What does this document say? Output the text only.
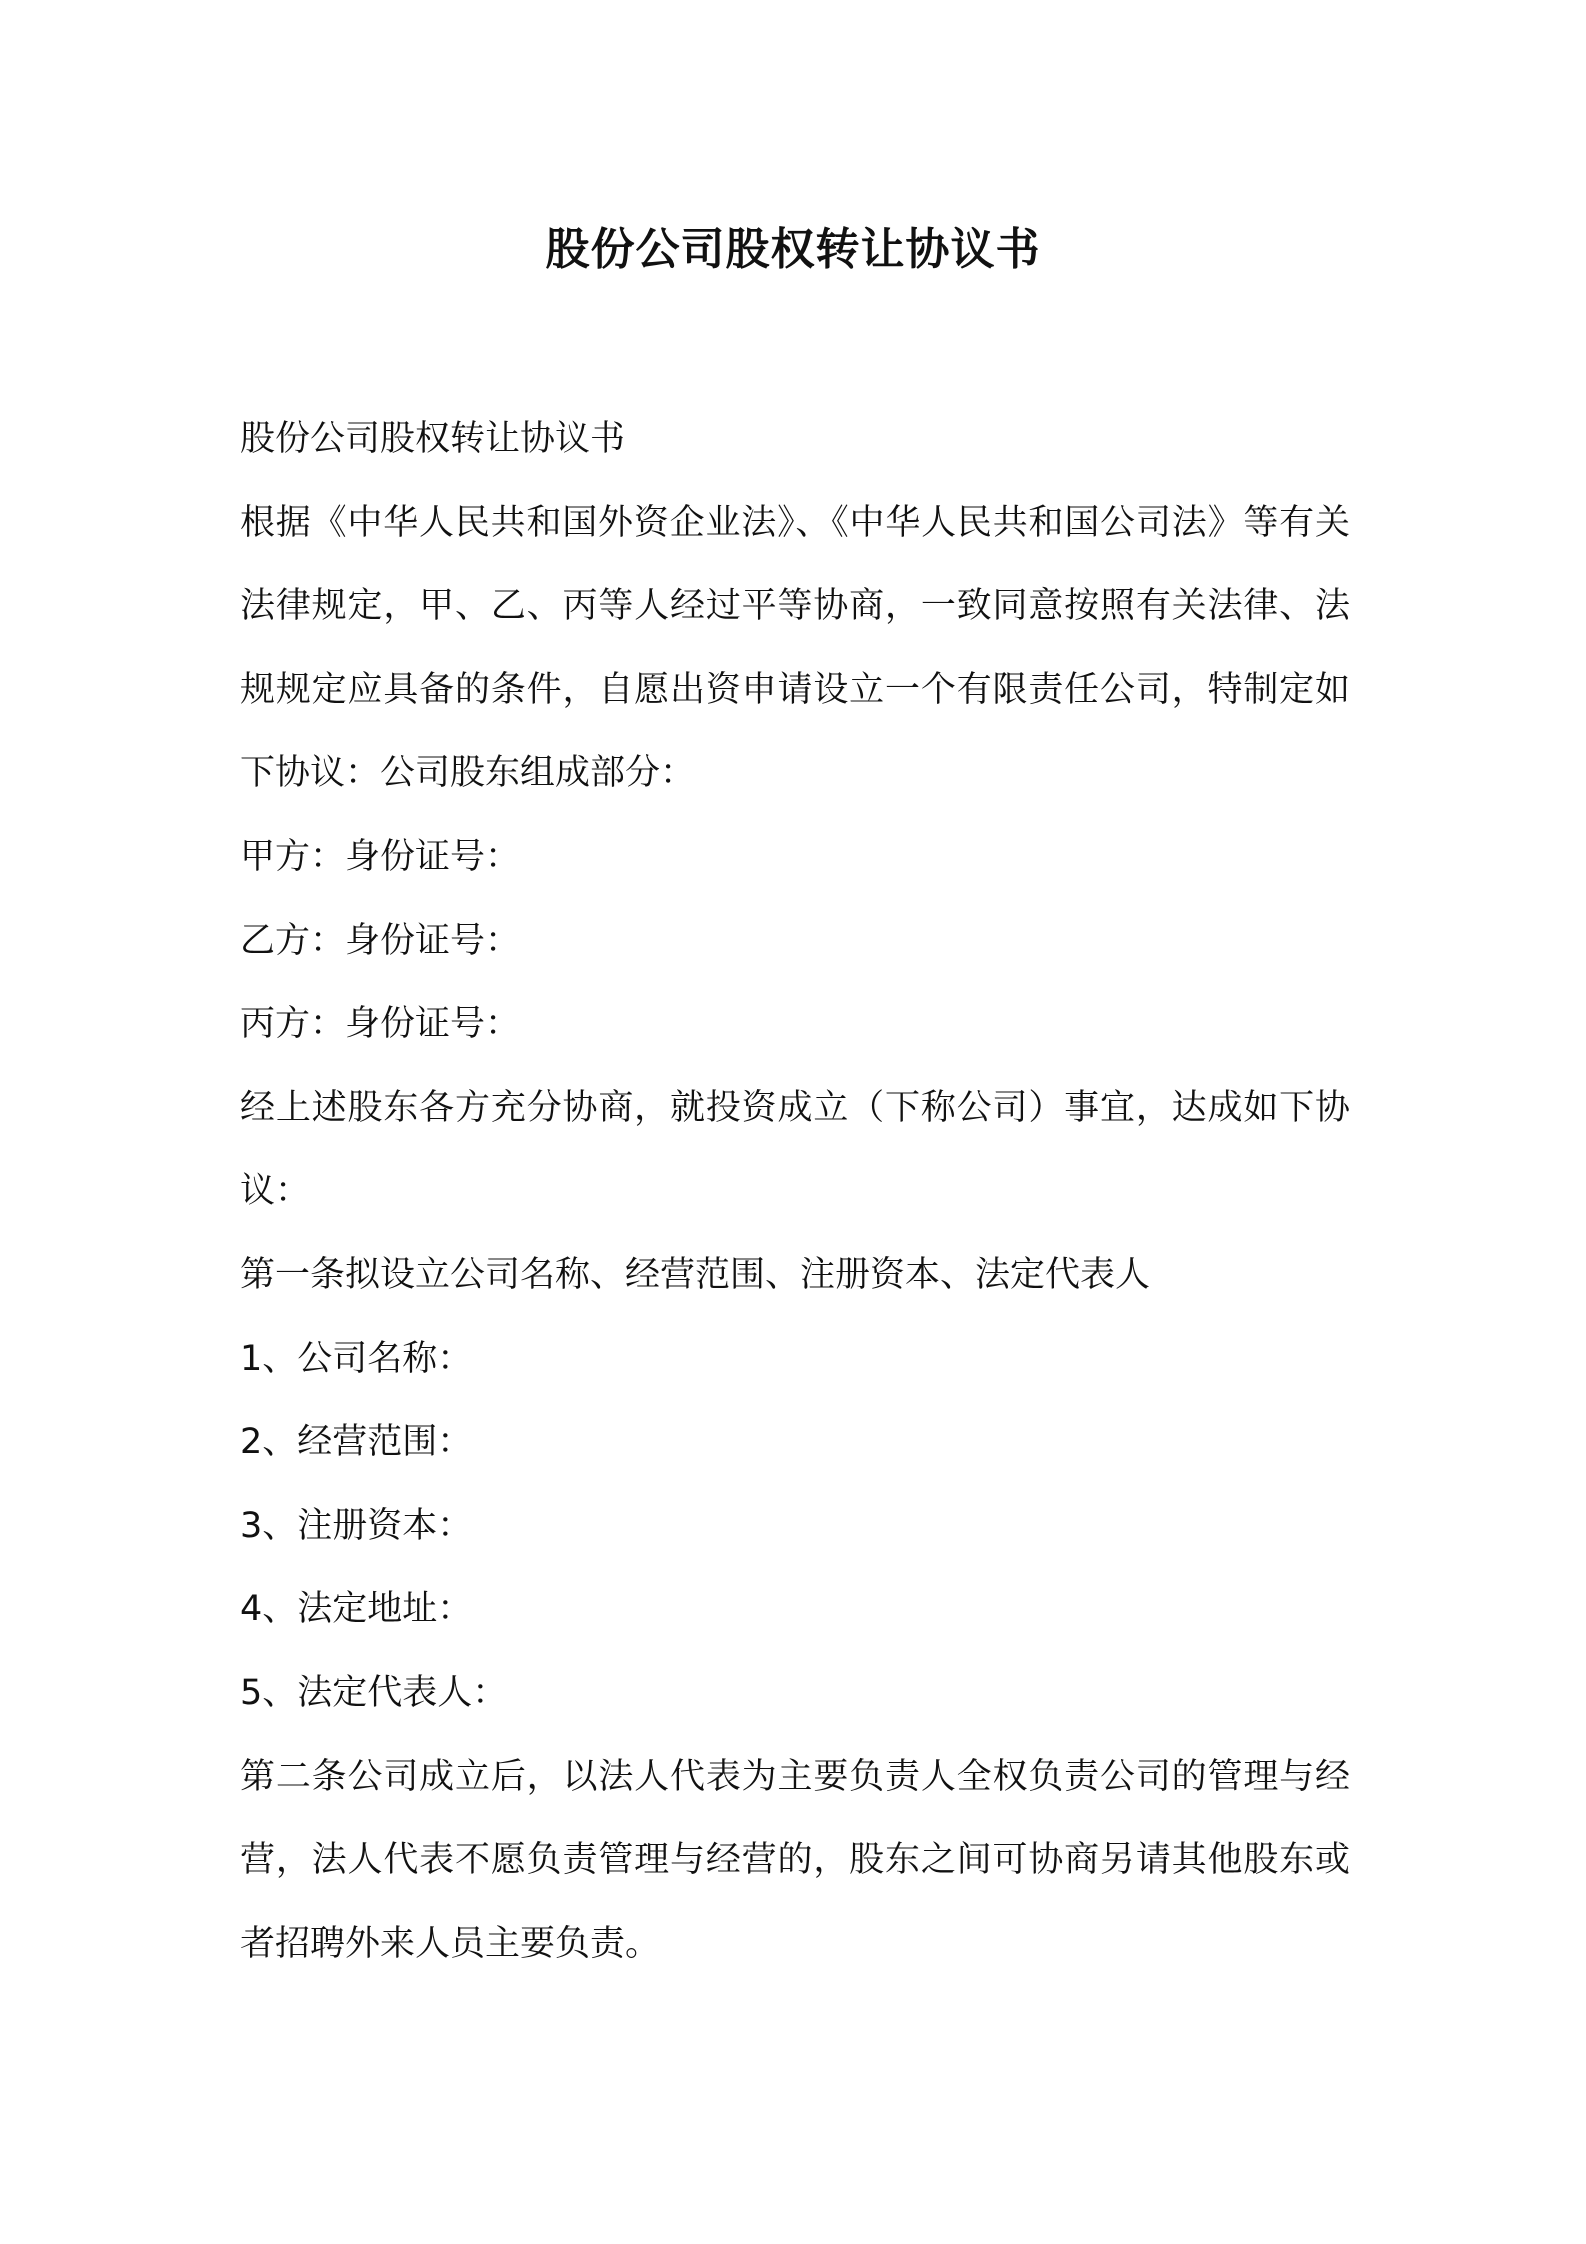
股份公司股权转让协议书

股份公司股权转让协议书

根据《中华人民共和国外资企业法》、《中华人民共和国公司法》等有关法律规定，甲、乙、丙等人经过平等协商，一致同意按照有关法律、法规规定应具备的条件，自愿出资申请设立一个有限责任公司，特制定如下协议：公司股东组成部分：

甲方：身份证号：

乙方：身份证号：

丙方：身份证号：

经上述股东各方充分协商，就投资成立（下称公司）事宜，达成如下协议：

第一条拟设立公司名称、经营范围、注册资本、法定代表人

1、公司名称：

2、经营范围：

3、注册资本：

4、法定地址：

5、法定代表人：

第二条公司成立后，以法人代表为主要负责人全权负责公司的管理与经营，法人代表不愿负责管理与经营的，股东之间可协商另请其他股东或者招聘外来人员主要负责。
